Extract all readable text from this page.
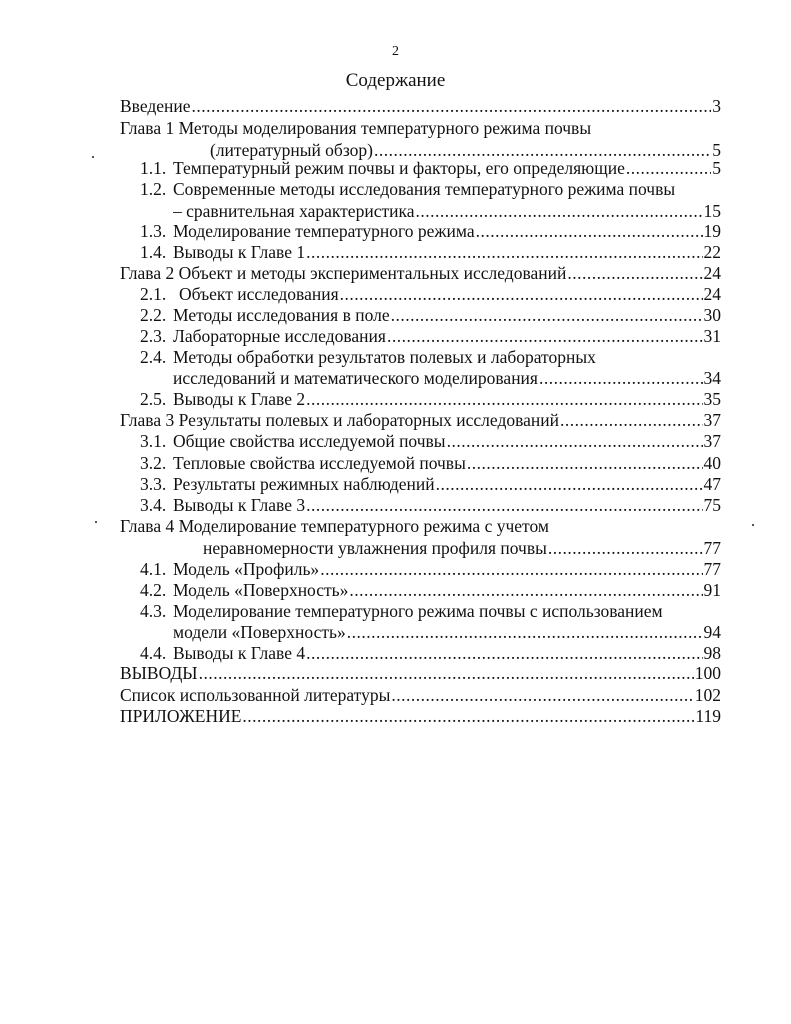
2
Содержание
Введение .....	3
Глава 1 Методы моделирования температурного режима почвы
(литературный обзор) .....	5
1.1. Температурный режим почвы и факторы, его определяющие .....	5
1.2. Современные методы исследования температурного режима почвы
– сравнительная характеристика .....	15
1.3. Моделирование температурного режима .....	19
1.4. Выводы к Главе 1 .....	22
Глава 2 Объект и методы экспериментальных исследований .....	24
2.1. Объект исследования .....	24
2.2. Методы исследования в поле .....	30
2.3. Лабораторные исследования .....	31
2.4. Методы обработки результатов полевых и лабораторных
исследований и математического моделирования .....	34
2.5. Выводы к Главе 2 .....	35
Глава 3 Результаты полевых и лабораторных исследований .....	37
3.1. Общие свойства исследуемой почвы .....	37
3.2. Тепловые свойства исследуемой почвы .....	40
3.3. Результаты режимных наблюдений .....	47
3.4. Выводы к Главе 3 .....	75
Глава 4 Моделирование температурного режима с учетом
неравномерности увлажнения профиля почвы .....	77
4.1. Модель «Профиль» .....	77
4.2. Модель «Поверхность» .....	91
4.3. Моделирование температурного режима почвы с использованием
модели «Поверхность» .....	94
4.4. Выводы к Главе 4 .....	98
ВЫВОДЫ .....	100
Список использованной литературы .....	102
ПРИЛОЖЕНИЕ .....	119
